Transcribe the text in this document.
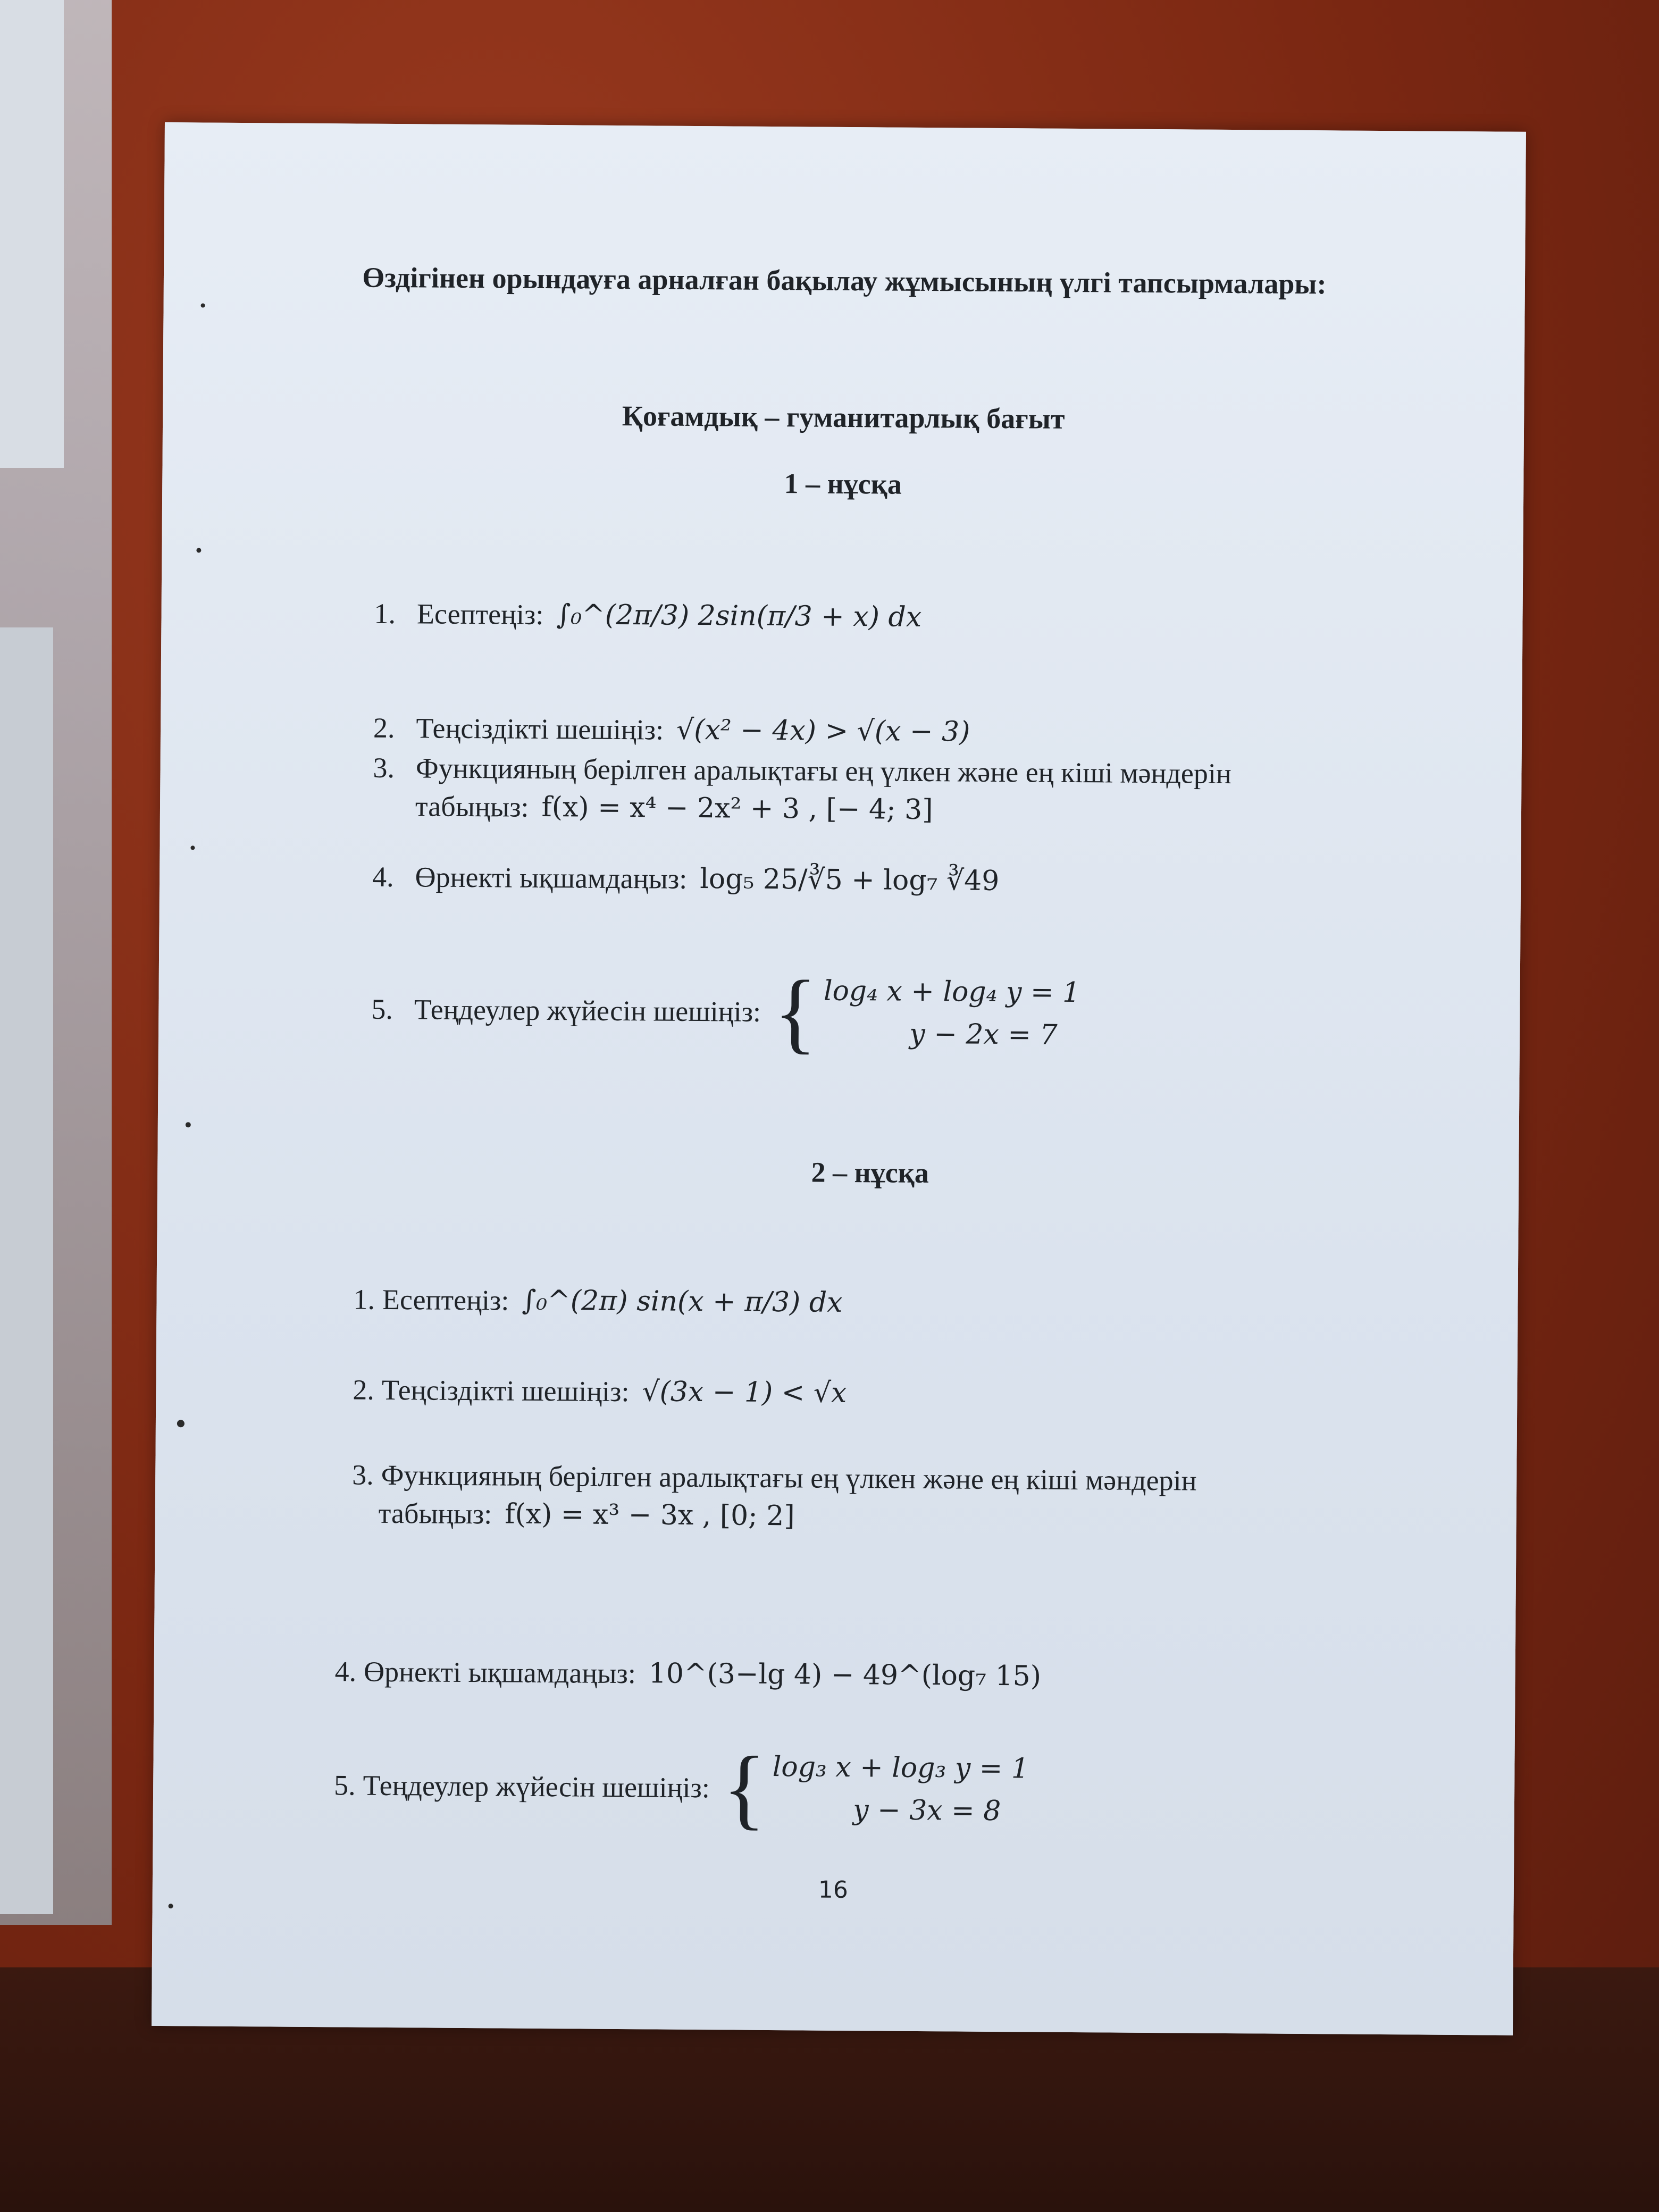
Өздігінен орындауға арналған бақылау жұмысының үлгі тапсырмалары:
Қоғамдық – гуманитарлық бағыт
1 – нұсқа
1. Есептеңіз: ∫₀^(2π/3) 2sin(π/3 + x) dx
2. Теңсіздікті шешіңіз: √(x² − 4x) > √(x − 3)
3. Функцияның берілген аралықтағы ең үлкен және ең кіші мәндерін
табыңыз: f(x) = x⁴ − 2x² + 3 , [− 4; 3]
4. Өрнекті ықшамдаңыз: log₅ 25/∛5 + log₇ ∛49
5. Теңдеулер жүйесін шешіңіз: { log₄ x + log₄ y = 1
y − 2x = 7
2 – нұсқа
1. Есептеңіз: ∫₀^(2π) sin(x + π/3) dx
2. Теңсіздікті шешіңіз: √(3x − 1) < √x
3. Функцияның берілген аралықтағы ең үлкен және ең кіші мәндерін
табыңыз: f(x) = x³ − 3x , [0; 2]
4. Өрнекті ықшамдаңыз: 10^(3−lg 4) − 49^(log₇ 15)
5. Теңдеулер жүйесін шешіңіз: { log₃ x + log₃ y = 1
y − 3x = 8
16
